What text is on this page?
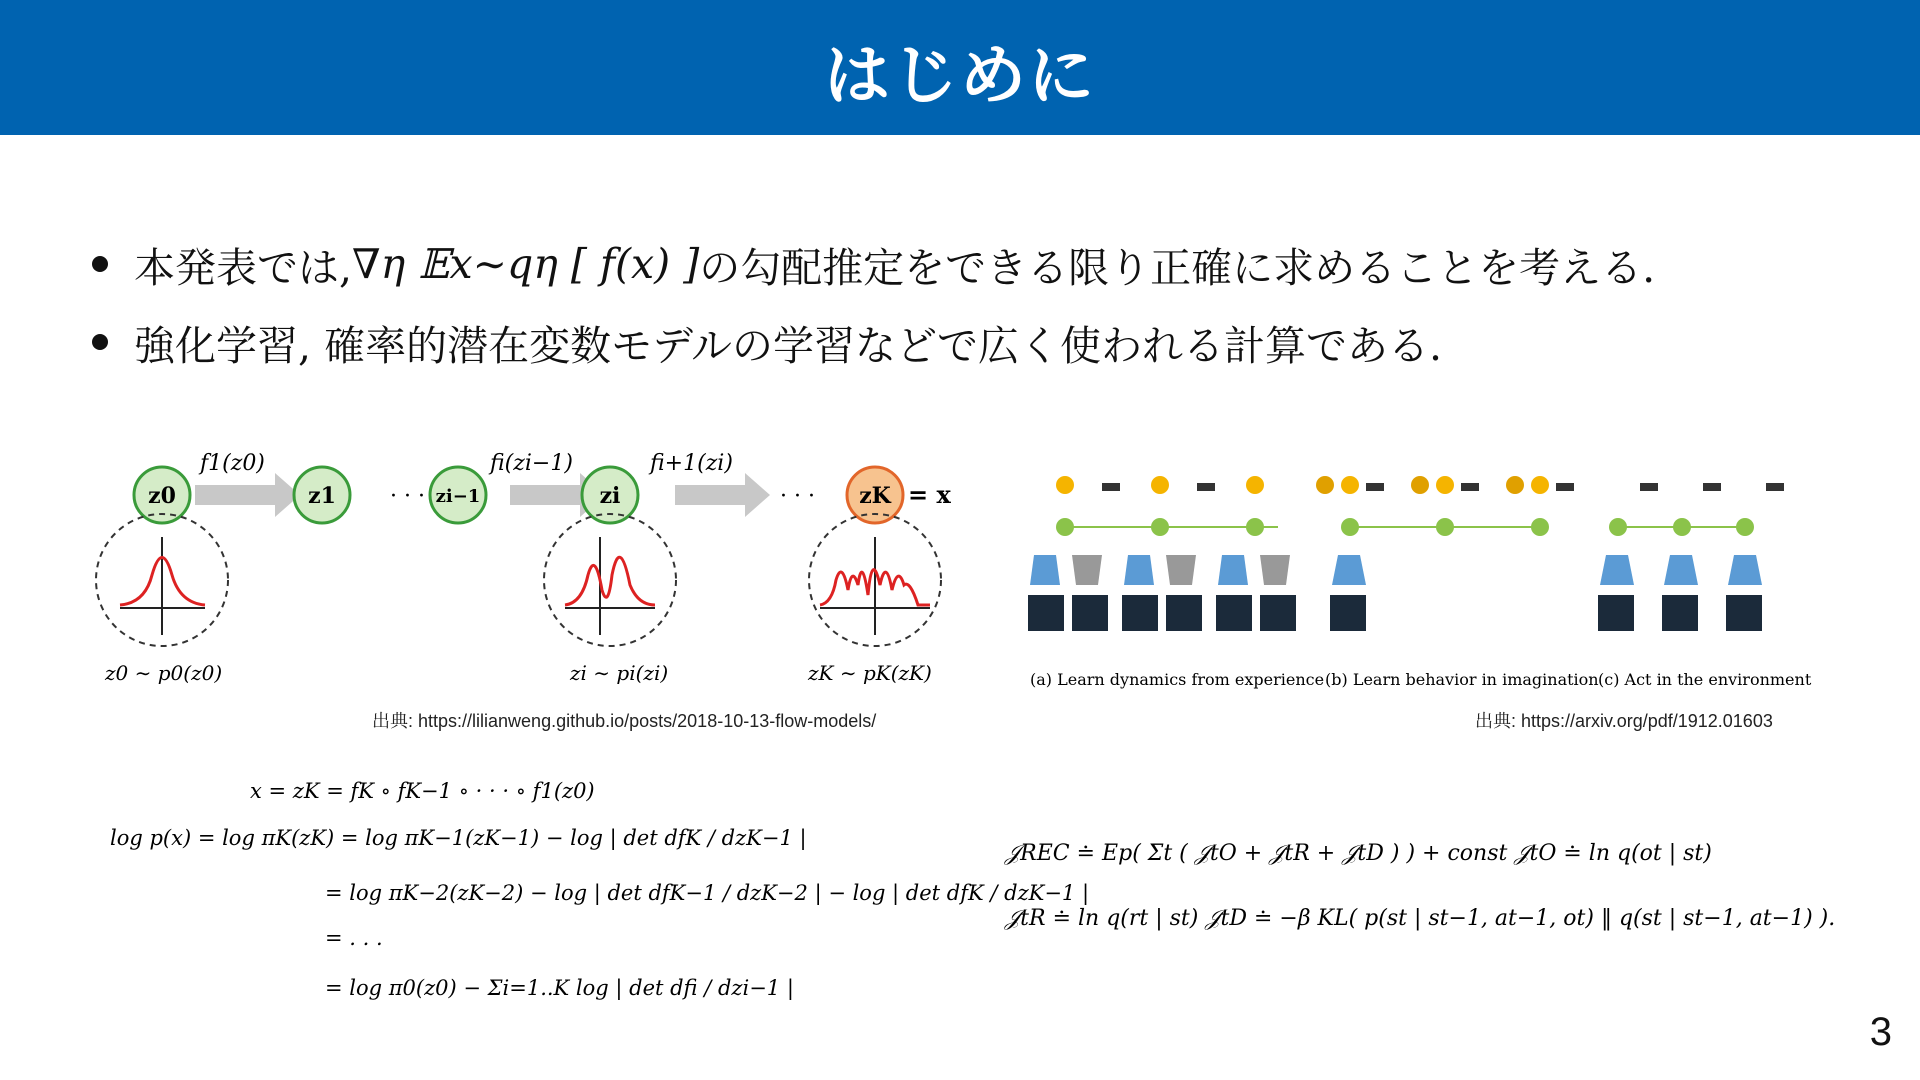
はじめに
本発表では, ∇η 𝔼x∼qη [ f(x) ] の勾配推定をできる限り正確に求めることを考える.
強化学習, 確率的潜在変数モデルの学習などで広く使われる計算である.
f1(z0)	fi(zi−1)	fi+1(zi)
z0	z1 · · · zi−1	zi	· · · zK = x
z0 ∼ p0(z0)	zi ∼ pi(zi)	zK ∼ pK(zK)
出典: https://lilianweng.github.io/posts/2018-10-13-flow-models/
(a) Learn dynamics from experience (b) Learn behavior in imagination (c) Act in the environment
出典: https://arxiv.org/pdf/1912.01603
x = zK = fK ∘ fK−1 ∘ · · · ∘ f1(z0)
log p(x) = log πK(zK) = log πK−1(zK−1) − log | det dfK / dzK−1 |
= log πK−2(zK−2) − log | det dfK−1 / dzK−2 | − log | det dfK / dzK−1 |
= . . .
= log π0(z0) − Σi=1..K log | det dfi / dzi−1 |
𝒥REC ≐ Ep( Σt ( 𝒥tO + 𝒥tR + 𝒥tD ) ) + const 𝒥tO ≐ ln q(ot | st)
𝒥tR ≐ ln q(rt | st) 𝒥tD ≐ −β KL( p(st | st−1, at−1, ot) ‖ q(st | st−1, at−1) ).
3
